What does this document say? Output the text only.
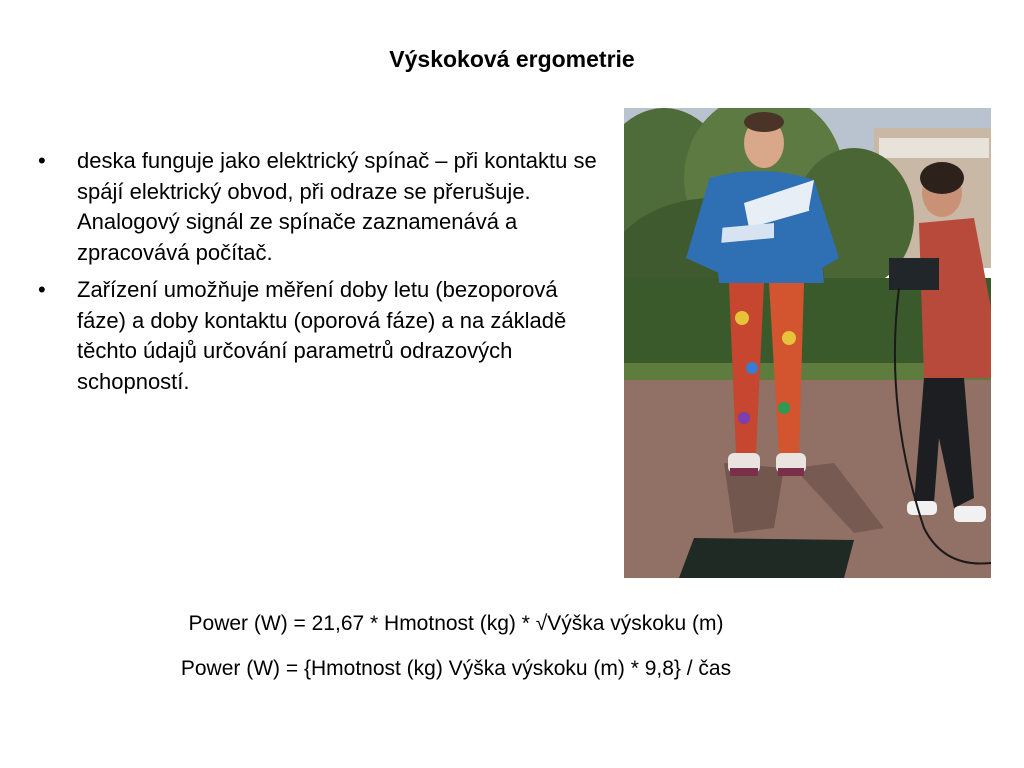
Výskoková ergometrie
•	deska funguje jako elektrický spínač – při kontaktu se spájí elektrický obvod, při odraze se přerušuje. Analogový signál ze spínače zaznamenává a zpracovává počítač.
•	Zařízení umožňuje měření doby letu (bezoporová fáze) a doby kontaktu (oporová fáze) a na základě těchto údajů určování parametrů odrazových schopností.
Power (W) = 21,67 * Hmotnost (kg) * √Výška výskoku (m)
Power (W) = {Hmotnost (kg) Výška výskoku (m) * 9,8} / čas
